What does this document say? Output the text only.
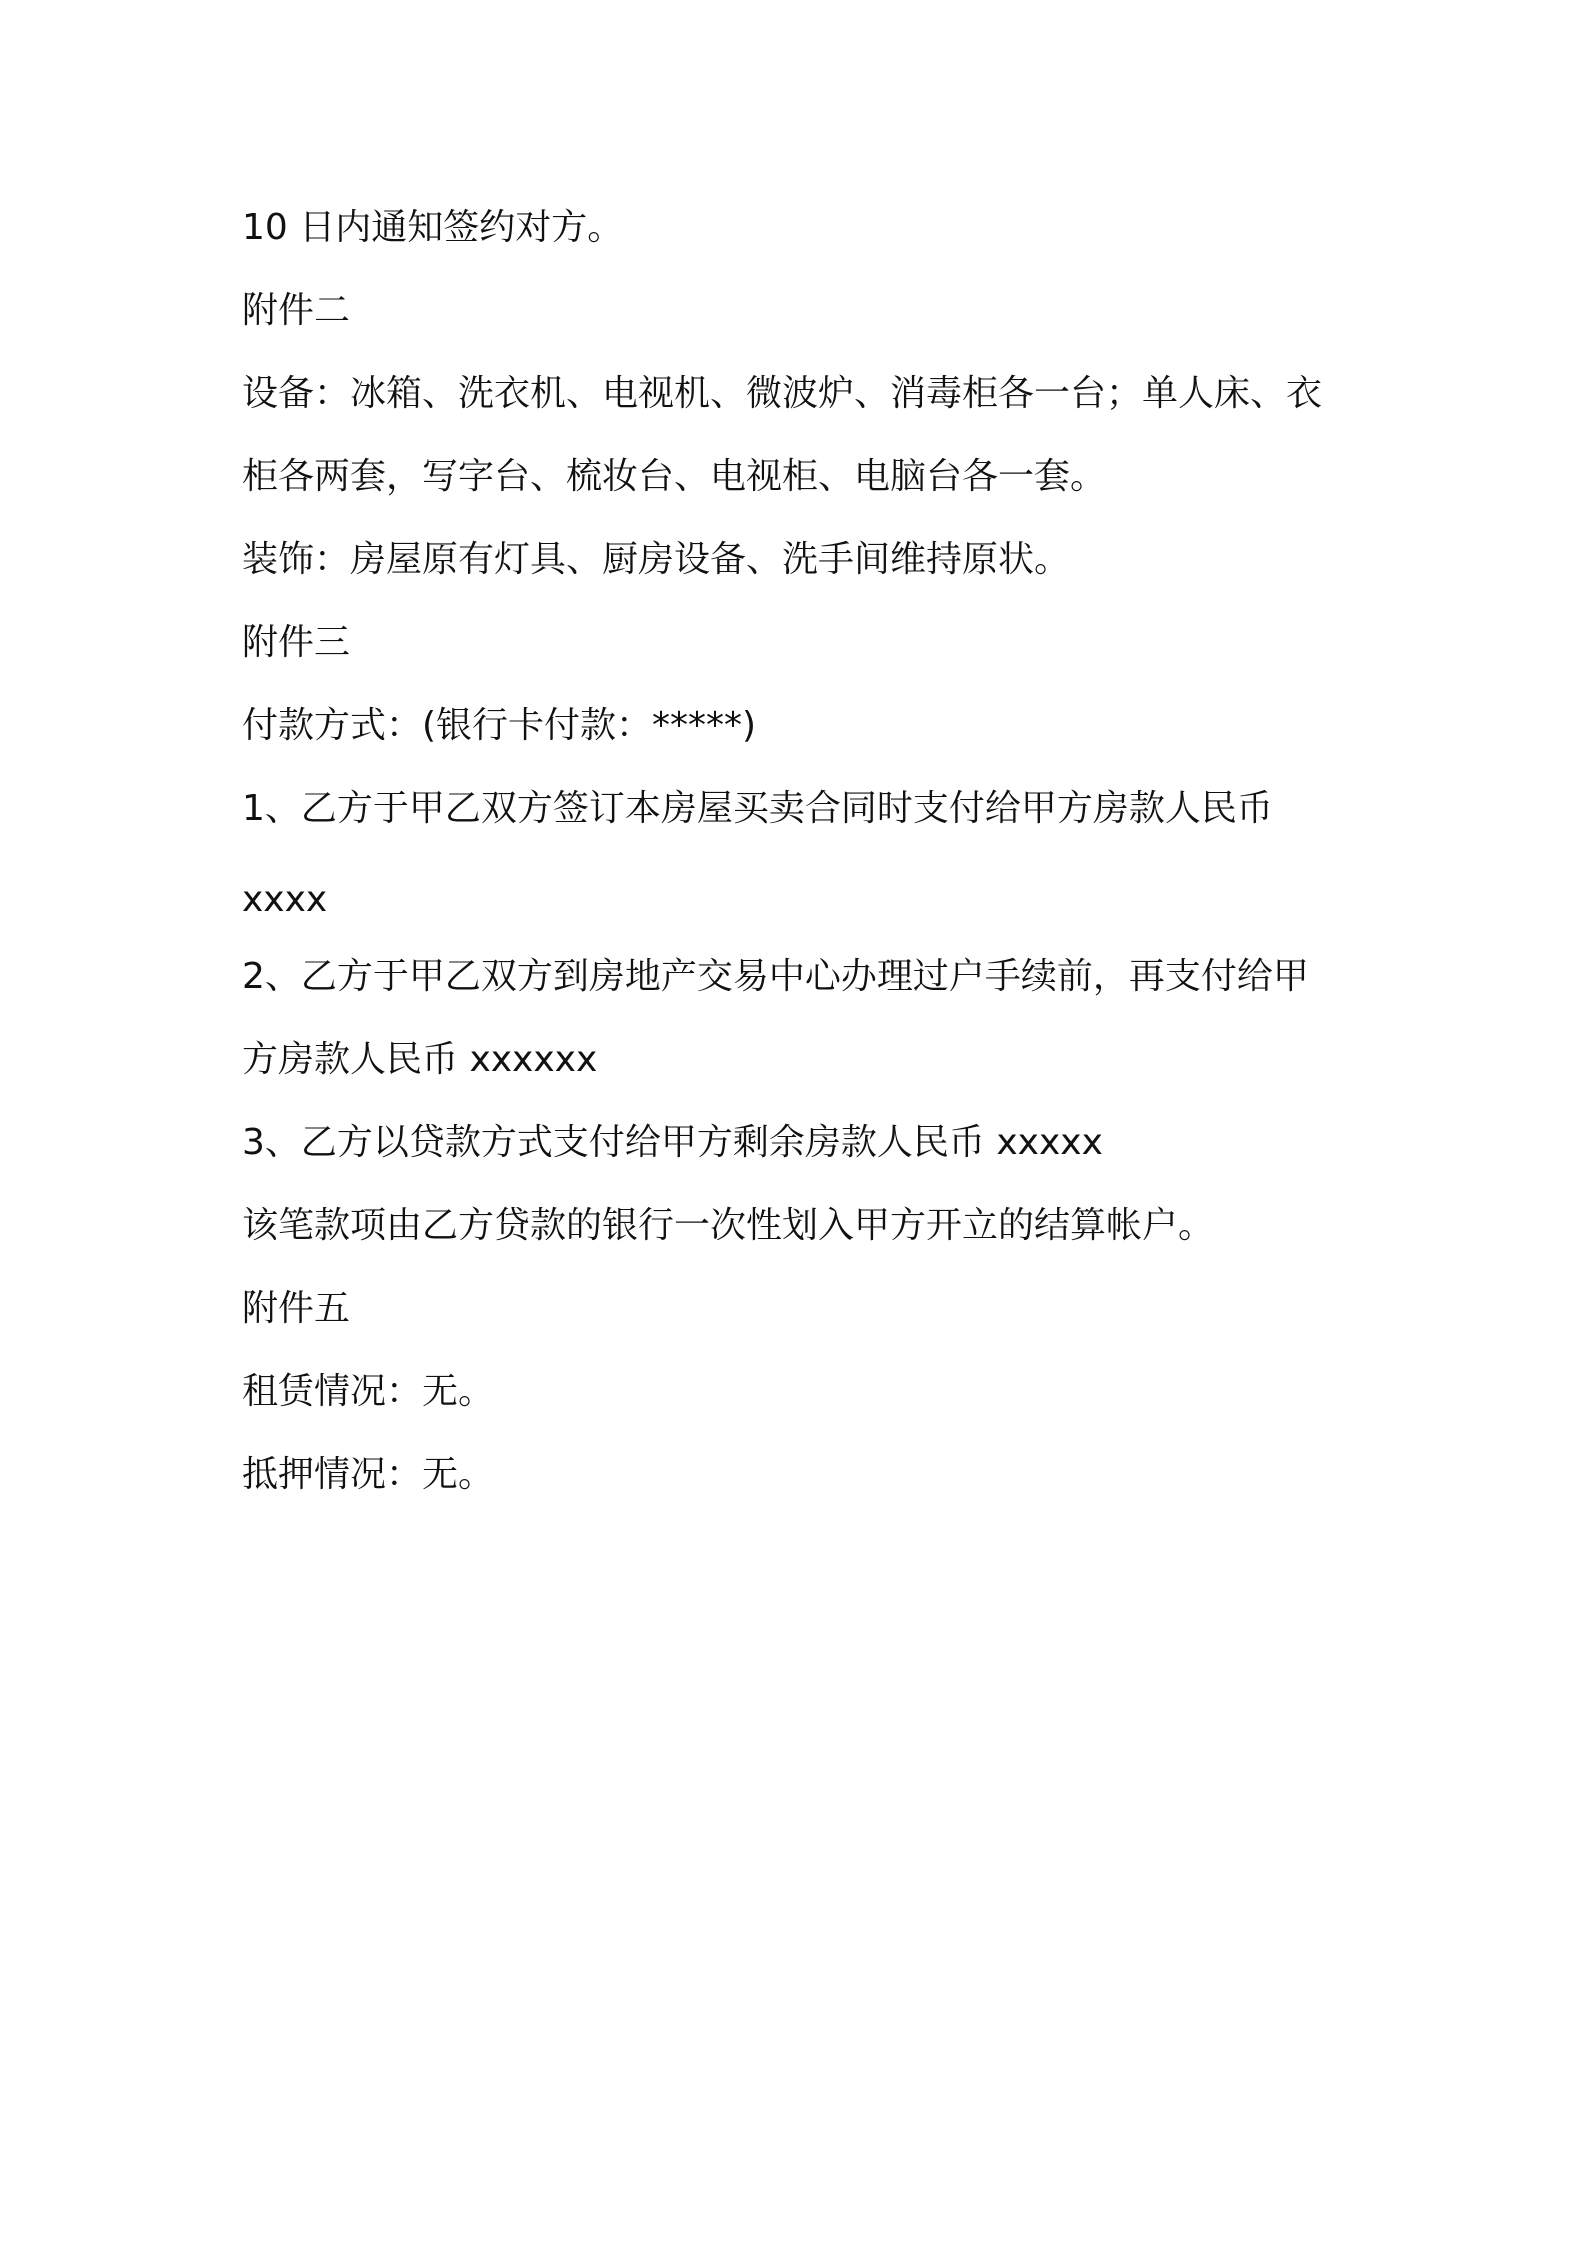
10 日内通知签约对方。
附件二
设备：冰箱、洗衣机、电视机、微波炉、消毒柜各一台；单人床、衣
柜各两套，写字台、梳妆台、电视柜、电脑台各一套。
装饰：房屋原有灯具、厨房设备、洗手间维持原状。
附件三
付款方式：(银行卡付款：*****)
1、乙方于甲乙双方签订本房屋买卖合同时支付给甲方房款人民币
xxxx
2、乙方于甲乙双方到房地产交易中心办理过户手续前，再支付给甲
方房款人民币 xxxxxx
3、乙方以贷款方式支付给甲方剩余房款人民币 xxxxx
该笔款项由乙方贷款的银行一次性划入甲方开立的结算帐户。
附件五
租赁情况：无。
抵押情况：无。
